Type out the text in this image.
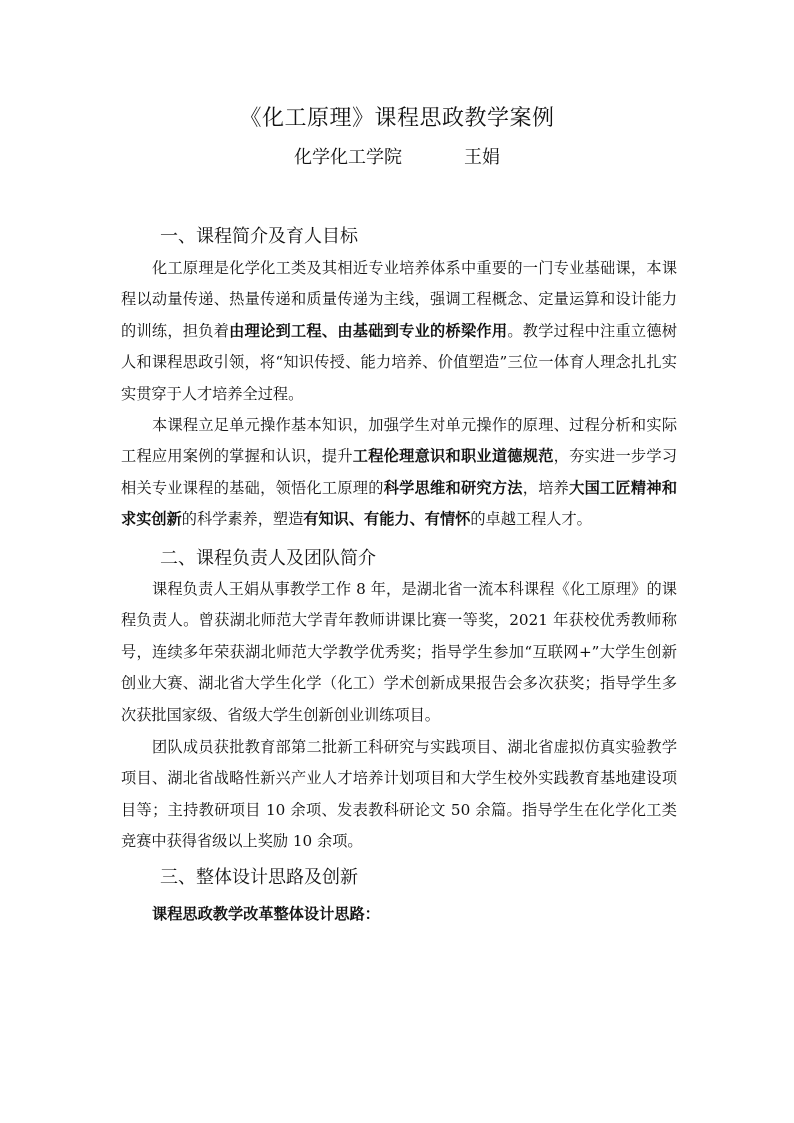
《化工原理》课程思政教学案例
化学化工学院	王娟
一、课程简介及育人目标
化工原理是化学化工类及其相近专业培养体系中重要的一门专业基础课，本课程以动量传递、热量传递和质量传递为主线，强调工程概念、定量运算和设计能力的训练，担负着由理论到工程、由基础到专业的桥梁作用。教学过程中注重立德树人和课程思政引领，将“知识传授、能力培养、价值塑造”三位一体育人理念扎扎实实贯穿于人才培养全过程。
本课程立足单元操作基本知识，加强学生对单元操作的原理、过程分析和实际工程应用案例的掌握和认识，提升工程伦理意识和职业道德规范，夯实进一步学习相关专业课程的基础，领悟化工原理的科学思维和研究方法，培养大国工匠精神和求实创新的科学素养，塑造有知识、有能力、有情怀的卓越工程人才。
二、课程负责人及团队简介
课程负责人王娟从事教学工作 8 年，是湖北省一流本科课程《化工原理》的课程负责人。曾获湖北师范大学青年教师讲课比赛一等奖，2021 年获校优秀教师称号，连续多年荣获湖北师范大学教学优秀奖；指导学生参加“互联网+”大学生创新创业大赛、湖北省大学生化学（化工）学术创新成果报告会多次获奖；指导学生多次获批国家级、省级大学生创新创业训练项目。
团队成员获批教育部第二批新工科研究与实践项目、湖北省虚拟仿真实验教学项目、湖北省战略性新兴产业人才培养计划项目和大学生校外实践教育基地建设项目等；主持教研项目 10 余项、发表教科研论文 50 余篇。指导学生在化学化工类竞赛中获得省级以上奖励 10 余项。
三、整体设计思路及创新
课程思政教学改革整体设计思路：
